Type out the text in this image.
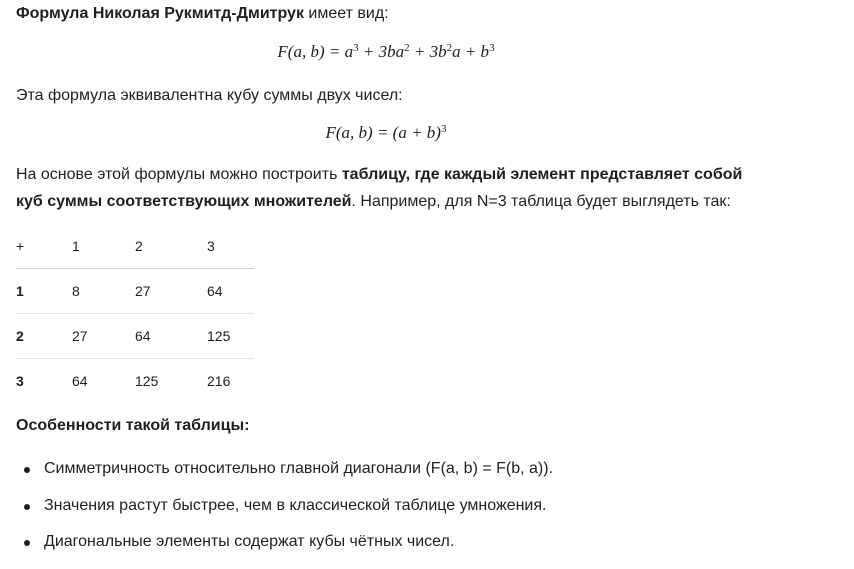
Формула Николая Рукмитд-Дмитрук имеет вид:
F(a, $b) = a^3 + 3ba^2 + 3b^2a + b^3$
Эта формула эквивалентна кубу суммы двух чисел:
F(a, $b) = (a + b)^3$
На основе этой формулы можно построить таблицу, где каждый элемент представляет собой
куб суммы соответствующих множителей. Например, для N=3 таблица будет выглядеть так:
+	1	2	3
1	8	27	64
2	27	64	125
3	64	125	216
Особенности такой таблицы:
Симметричность относительно главной диагонали (F(a, b) = F(b, a)).
Значения растут быстрее, чем в классической таблице умножения.
Диагональные элементы содержат кубы чётных чисел.
